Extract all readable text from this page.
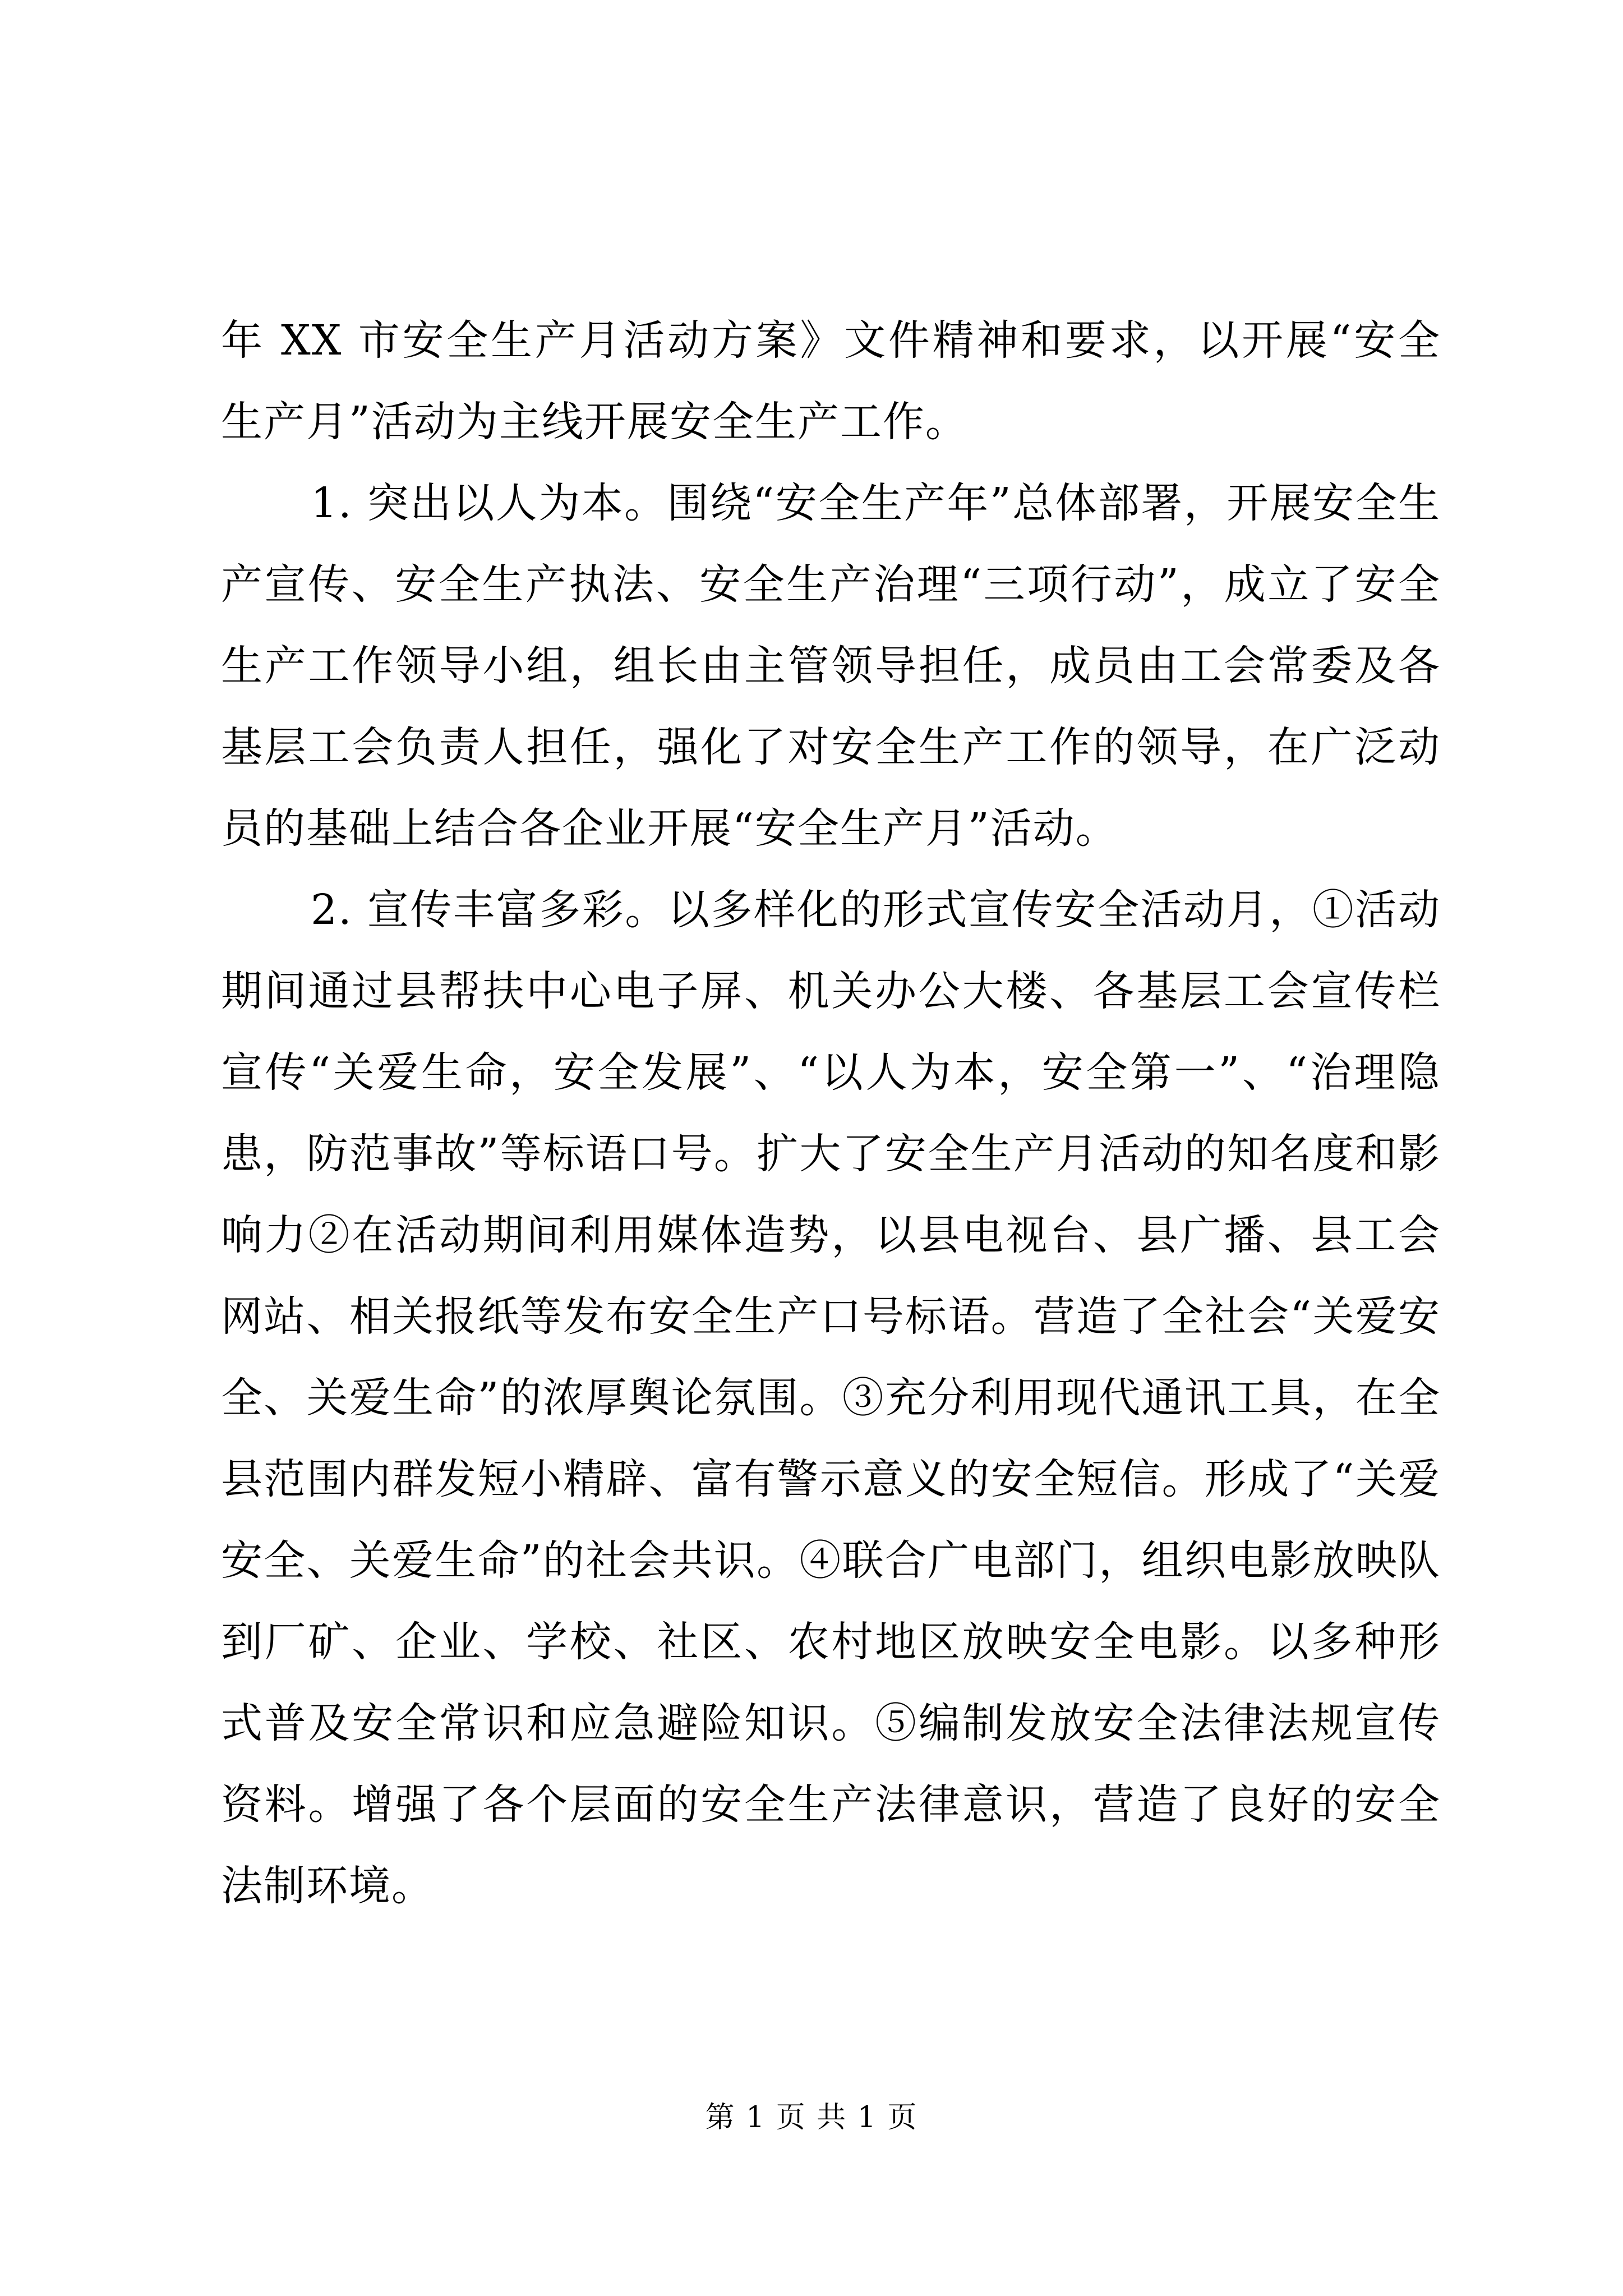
年 XX 市安全生产月活动方案》文件精神和要求，以开展“安全生产月”活动为主线开展安全生产工作。

1. 突出以人为本。围绕“安全生产年”总体部署，开展安全生产宣传、安全生产执法、安全生产治理“三项行动”，成立了安全生产工作领导小组，组长由主管领导担任，成员由工会常委及各基层工会负责人担任，强化了对安全生产工作的领导，在广泛动员的基础上结合各企业开展“安全生产月”活动。

2. 宣传丰富多彩。以多样化的形式宣传安全活动月，①活动期间通过县帮扶中心电子屏、机关办公大楼、各基层工会宣传栏宣传“关爱生命，安全发展”、“以人为本，安全第一”、“治理隐患，防范事故”等标语口号。扩大了安全生产月活动的知名度和影响力②在活动期间利用媒体造势，以县电视台、县广播、县工会网站、相关报纸等发布安全生产口号标语。营造了全社会“关爱安全、关爱生命”的浓厚舆论氛围。③充分利用现代通讯工具，在全县范围内群发短小精辟、富有警示意义的安全短信。形成了“关爱安全、关爱生命”的社会共识。④联合广电部门，组织电影放映队到厂矿、企业、学校、社区、农村地区放映安全电影。以多种形式普及安全常识和应急避险知识。⑤编制发放安全法律法规宣传资料。增强了各个层面的安全生产法律意识，营造了良好的安全法制环境。

第 1 页 共 1 页
